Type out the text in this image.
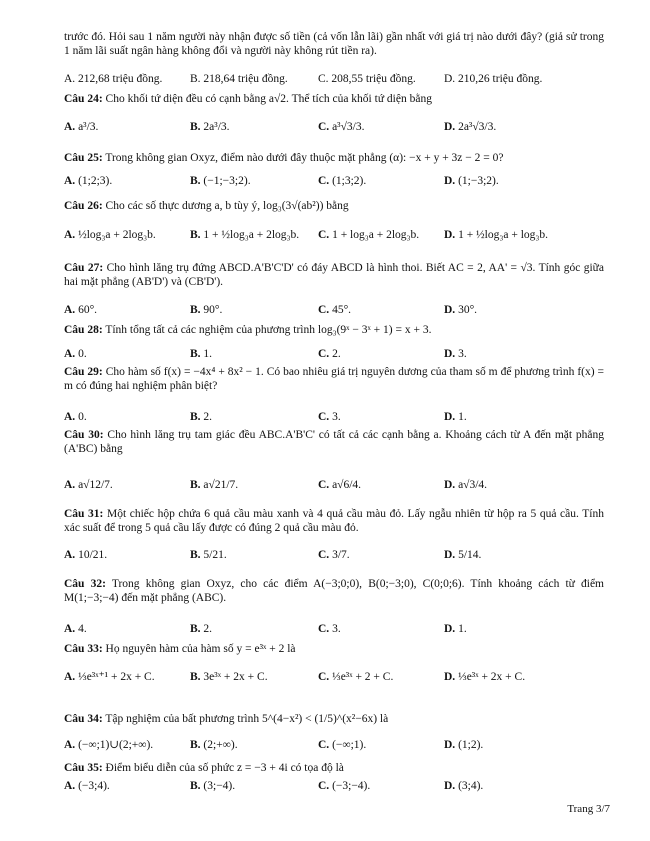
trước đó. Hỏi sau 1 năm người này nhận được số tiền (cả vốn lẫn lãi) gần nhất với giá trị nào dưới đây? (giả sử trong 1 năm lãi suất ngân hàng không đổi và người này không rút tiền ra).
A. 212,68 triệu đồng. B. 218,64 triệu đồng.	C. 208,55 triệu đồng. D. 210,26 triệu đồng.
Câu 24: Cho khối tứ diện đều có cạnh bằng a√2. Thể tích của khối tứ diện bằng
A. a³/3.	B. 2a³/3.	C. a³√3/3.	D. 2a³√3/3.
Câu 25: Trong không gian Oxyz, điểm nào dưới đây thuộc mặt phẳng (α): −x + y + 3z − 2 = 0?
A. (1;2;3).	B. (−1;−3;2).	C. (1;3;2).	D. (1;−3;2).
Câu 26: Cho các số thực dương a, b tùy ý, log₃(3√(ab²)) bằng
A. ½log₃a + 2log₃b.	B. 1 + ½log₃a + 2log₃b. C. 1 + log₃a + 2log₃b. D. 1 + ½log₃a + log₃b.
Câu 27: Cho hình lăng trụ đứng ABCD.A'B'C'D' có đáy ABCD là hình thoi. Biết AC = 2, AA' = √3. Tính góc giữa hai mặt phẳng (AB'D') và (CB'D').
A. 60°.	B. 90°.	C. 45°.	D. 30°.
Câu 28: Tính tổng tất cả các nghiệm của phương trình log₃(9ˣ − 3ˣ + 1) = x + 3.
A. 0.	B. 1.	C. 2.	D. 3.
Câu 29: Cho hàm số f(x) = −4x⁴ + 8x² − 1. Có bao nhiêu giá trị nguyên dương của tham số m để phương trình f(x) = m có đúng hai nghiệm phân biệt?
A. 0.	B. 2.	C. 3.	D. 1.
Câu 30: Cho hình lăng trụ tam giác đều ABC.A'B'C' có tất cả các cạnh bằng a. Khoảng cách từ A đến mặt phẳng (A'BC) bằng
A. a√12/7.	B. a√21/7.	C. a√6/4.	D. a√3/4.
Câu 31: Một chiếc hộp chứa 6 quả cầu màu xanh và 4 quả cầu màu đỏ. Lấy ngẫu nhiên từ hộp ra 5 quả cầu. Tính xác suất để trong 5 quả cầu lấy được có đúng 2 quả cầu màu đỏ.
A. 10/21.	B. 5/21.	C. 3/7.	D. 5/14.
Câu 32: Trong không gian Oxyz, cho các điểm A(−3;0;0), B(0;−3;0), C(0;0;6). Tính khoảng cách từ điểm M(1;−3;−4) đến mặt phẳng (ABC).
A. 4.	B. 2.	C. 3.	D. 1.
Câu 33: Họ nguyên hàm của hàm số y = e³ˣ + 2 là
A. ⅓e³ˣ⁺¹ + 2x + C.	B. 3e³ˣ + 2x + C.	C. ⅓e³ˣ + 2 + C.	D. ⅓e³ˣ + 2x + C.
Câu 34: Tập nghiệm của bất phương trình 5^(4−x²) < (1/5)^(x²−6x) là
A. (−∞;1)∪(2;+∞).	B. (2;+∞).	C. (−∞;1).	D. (1;2).
Câu 35: Điểm biểu diễn của số phức z = −3 + 4i có tọa độ là
A. (−3;4).	B. (3;−4).	C. (−3;−4).	D. (3;4).
Trang 3/7
